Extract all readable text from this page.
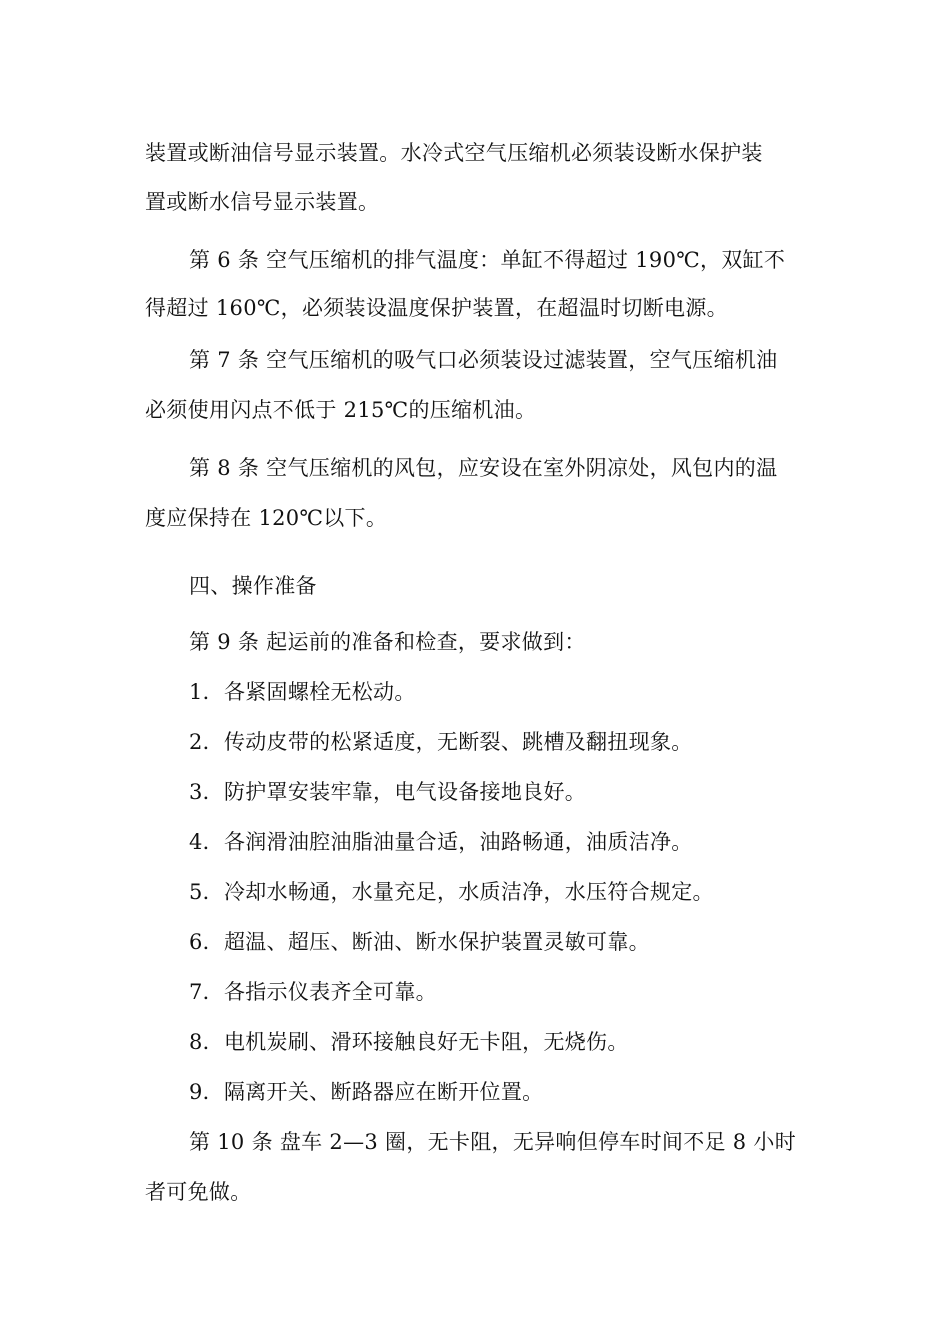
装置或断油信号显示装置。水冷式空气压缩机必须装设断水保护装
置或断水信号显示装置。
第 6 条 空气压缩机的排气温度：单缸不得超过 190℃，双缸不
得超过 160℃，必须装设温度保护装置，在超温时切断电源。
第 7 条 空气压缩机的吸气口必须装设过滤装置，空气压缩机油
必须使用闪点不低于 215℃的压缩机油。
第 8 条 空气压缩机的风包，应安设在室外阴凉处，风包内的温
度应保持在 120℃以下。
四、操作准备
第 9 条 起运前的准备和检查，要求做到：
1．各紧固螺栓无松动。
2．传动皮带的松紧适度，无断裂、跳槽及翻扭现象。
3．防护罩安装牢靠，电气设备接地良好。
4．各润滑油腔油脂油量合适，油路畅通，油质洁净。
5．冷却水畅通，水量充足，水质洁净，水压符合规定。
6．超温、超压、断油、断水保护装置灵敏可靠。
7．各指示仪表齐全可靠。
8．电机炭刷、滑环接触良好无卡阻，无烧伤。
9．隔离开关、断路器应在断开位置。
第 10 条 盘车 2—3 圈，无卡阻，无异响但停车时间不足 8 小时
者可免做。
